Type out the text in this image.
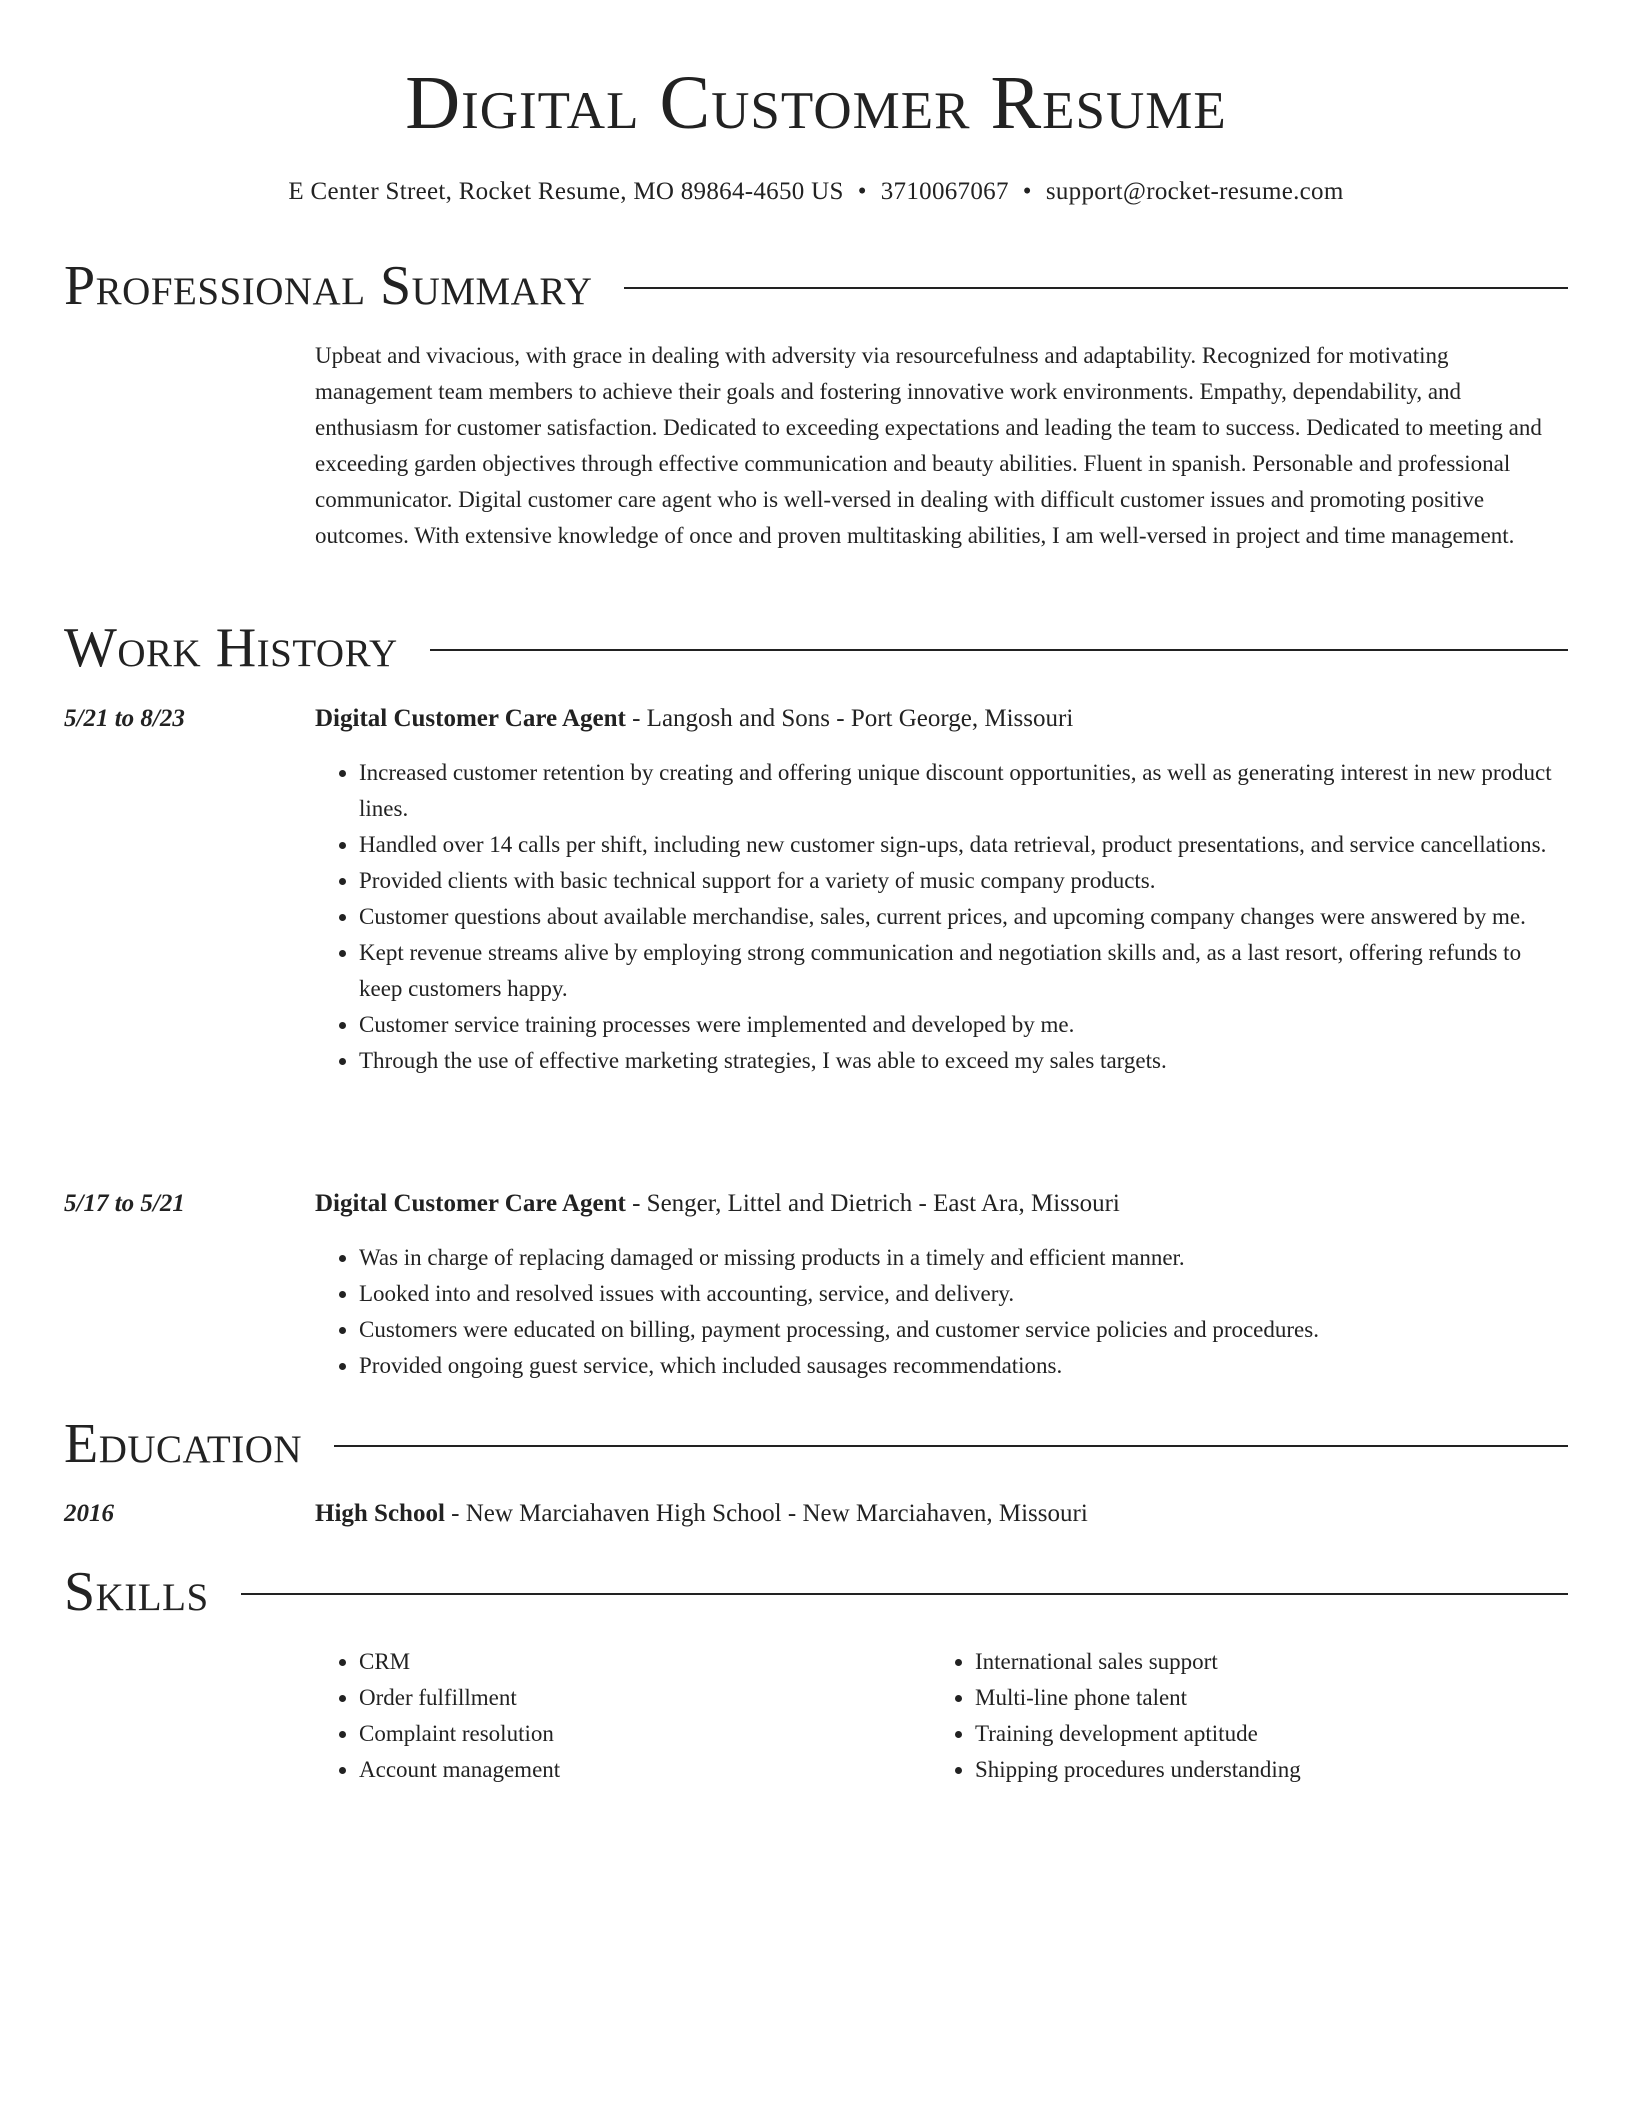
Digital Customer Resume
E Center Street, Rocket Resume, MO 89864-4650 US • 3710067067 • support@rocket-resume.com
Professional Summary

Upbeat and vivacious, with grace in dealing with adversity via resourcefulness and adaptability. Recognized for motivating management team members to achieve their goals and fostering innovative work environments. Empathy, dependability, and enthusiasm for customer satisfaction. Dedicated to exceeding expectations and leading the team to success. Dedicated to meeting and exceeding garden objectives through effective communication and beauty abilities. Fluent in spanish. Personable and professional communicator. Digital customer care agent who is well-versed in dealing with difficult customer issues and promoting positive outcomes. With extensive knowledge of once and proven multitasking abilities, I am well-versed in project and time management.

Work History
5/21 to 8/23	Digital Customer Care Agent - Langosh and Sons - Port George, Missouri
• Increased customer retention by creating and offering unique discount opportunities, as well as generating interest in new product lines.
• Handled over 14 calls per shift, including new customer sign-ups, data retrieval, product presentations, and service cancellations.
• Provided clients with basic technical support for a variety of music company products.
• Customer questions about available merchandise, sales, current prices, and upcoming company changes were answered by me.
• Kept revenue streams alive by employing strong communication and negotiation skills and, as a last resort, offering refunds to keep customers happy.
• Customer service training processes were implemented and developed by me.
• Through the use of effective marketing strategies, I was able to exceed my sales targets.
5/17 to 5/21	Digital Customer Care Agent - Senger, Littel and Dietrich - East Ara, Missouri
• Was in charge of replacing damaged or missing products in a timely and efficient manner.
• Looked into and resolved issues with accounting, service, and delivery.
• Customers were educated on billing, payment processing, and customer service policies and procedures.
• Provided ongoing guest service, which included sausages recommendations.
Education
2016	High School - New Marciahaven High School - New Marciahaven, Missouri
Skills
• CRM
• Order fulfillment
• Complaint resolution
• Account management
• International sales support
• Multi-line phone talent
• Training development aptitude
• Shipping procedures understanding
